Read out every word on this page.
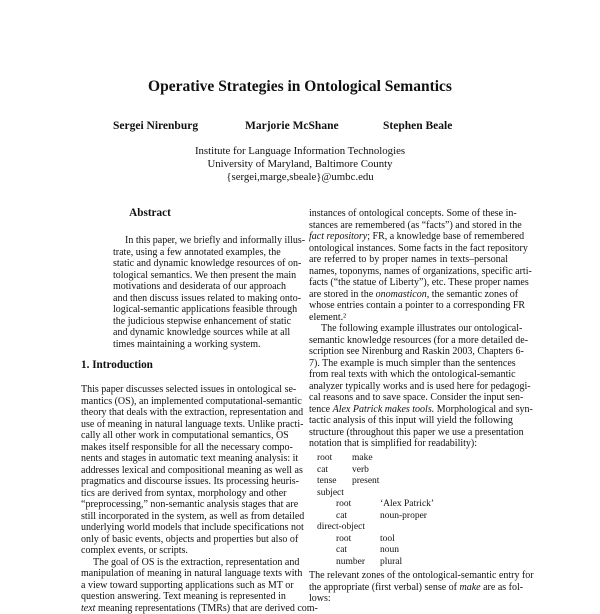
Operative Strategies in Ontological Semantics
Sergei Nirenburg	Marjorie McShane	Stephen Beale
Institute for Language Information Technologies
University of Maryland, Baltimore County
{sergei,marge,sbeale}@umbc.edu
Abstract
In this paper, we briefly and informally illus-
trate, using a few annotated examples, the
static and dynamic knowledge resources of on-
tological semantics. We then present the main
motivations and desiderata of our approach
and then discuss issues related to making onto-
logical-semantic applications feasible through
the judicious stepwise enhancement of static
and dynamic knowledge sources while at all
times maintaining a working system.
1. Introduction
This paper discusses selected issues in ontological se-
mantics (OS), an implemented computational-semantic
theory that deals with the extraction, representation and
use of meaning in natural language texts. Unlike practi-
cally all other work in computational semantics, OS
makes itself responsible for all the necessary compo-
nents and stages in automatic text meaning analysis: it
addresses lexical and compositional meaning as well as
pragmatics and discourse issues. Its processing heuris-
tics are derived from syntax, morphology and other
“preprocessing,” non-semantic analysis stages that are
still incorporated in the system, as well as from detailed
underlying world models that include specifications not
only of basic events, objects and properties but also of
complex events, or scripts.
The goal of OS is the extraction, representation and
manipulation of meaning in natural language texts with
a view toward supporting applications such as MT or
question answering. Text meaning is represented in
text meaning representations (TMRs) that are derived com-
instances of ontological concepts. Some of these in-
stances are remembered (as “facts”) and stored in the
fact repository; FR, a knowledge base of remembered
ontological instances. Some facts in the fact repository
are referred to by proper names in texts–personal
names, toponyms, names of organizations, specific arti-
facts (“the statue of Liberty”), etc. These proper names
are stored in the onomasticon, the semantic zones of
whose entries contain a pointer to a corresponding FR
element.²
The following example illustrates our ontological-
semantic knowledge resources (for a more detailed de-
scription see Nirenburg and Raskin 2003, Chapters 6-
7). The example is much simpler than the sentences
from real texts with which the ontological-semantic
analyzer typically works and is used here for pedagogi-
cal reasons and to save space. Consider the input sen-
tence Alex Patrick makes tools. Morphological and syn-
tactic analysis of this input will yield the following
structure (throughout this paper we use a presentation
notation that is simplified for readability):
root make
cat	verb
tense present
subject
root	‘Alex Patrick’
cat	noun-proper
direct-object
root	tool
cat	noun
number plural
The relevant zones of the ontological-semantic entry for
the appropriate (first verbal) sense of make are as fol-
lows:
